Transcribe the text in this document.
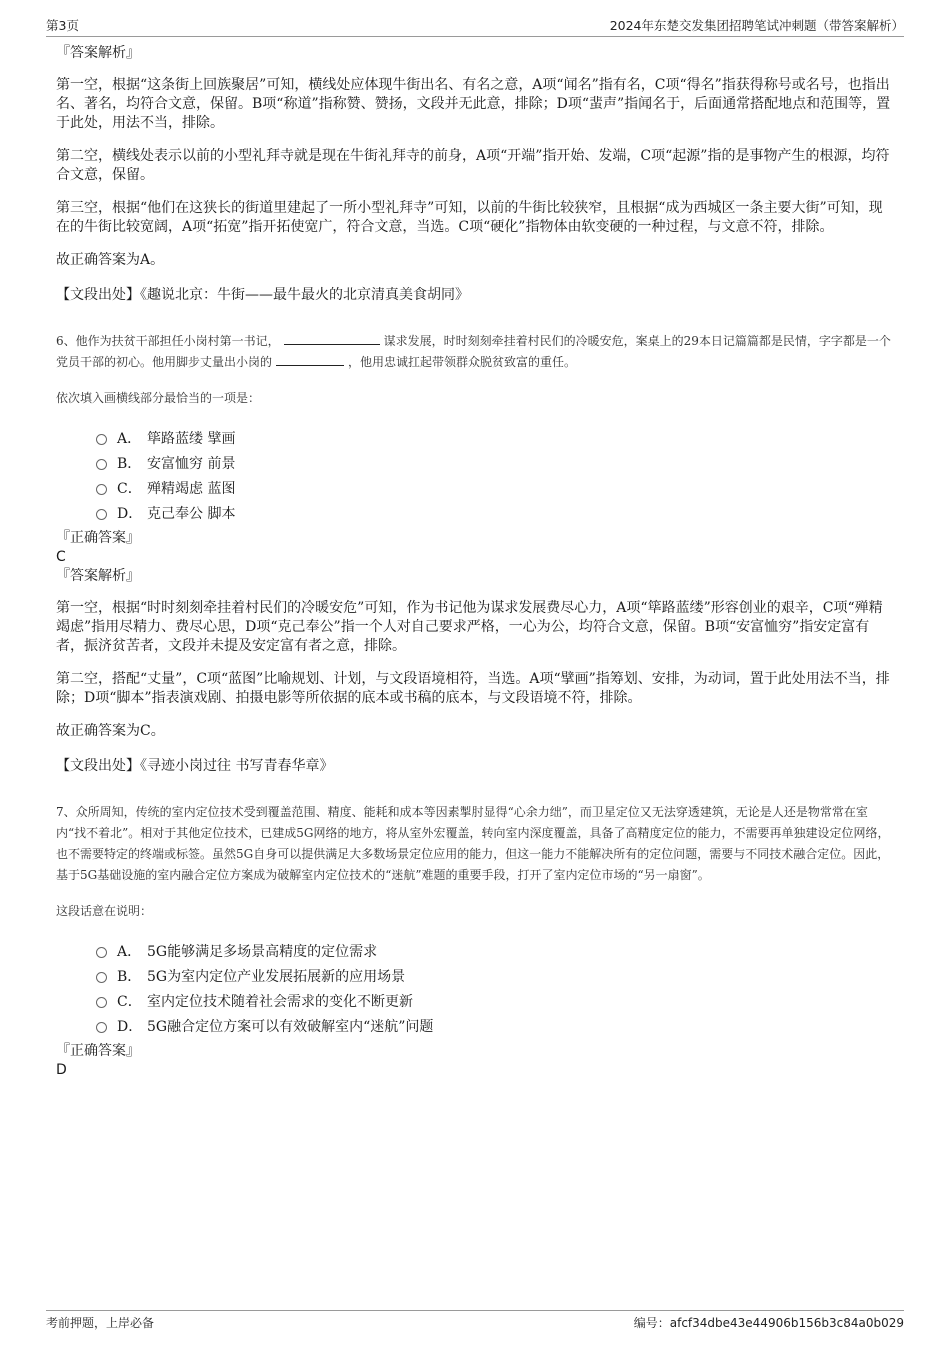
第3页	2024年东楚交发集团招聘笔试冲刺题（带答案解析）
『答案解析』

第一空，根据“这条街上回族聚居”可知，横线处应体现牛街出名、有名之意，A项“闻名”指有名，C项“得名”指获得称号或名号，也指出名、著名，均符合文意，保留。B项“称道”指称赞、赞扬，文段并无此意，排除；D项“蜚声”指闻名于，后面通常搭配地点和范围等，置于此处，用法不当，排除。

第二空，横线处表示以前的小型礼拜寺就是现在牛街礼拜寺的前身，A项“开端”指开始、发端，C项“起源”指的是事物产生的根源，均符合文意，保留。

第三空，根据“他们在这狭长的街道里建起了一所小型礼拜寺”可知，以前的牛街比较狭窄，且根据“成为西城区一条主要大街”可知，现在的牛街比较宽阔，A项“拓宽”指开拓使宽广，符合文意，当选。C项“硬化”指物体由软变硬的一种过程，与文意不符，排除。

故正确答案为A。

【文段出处】《趣说北京：牛街——最牛最火的北京清真美食胡同》
6、他作为扶贫干部担任小岗村第一书记，	谋求发展，时时刻刻牵挂着村民们的冷暖安危，案桌上的29本日记篇篇都是民情，字字都是一个党员干部的初心。他用脚步丈量出小岗的	，他用忠诚扛起带领群众脱贫致富的重任。
依次填入画横线部分最恰当的一项是：
A． 筚路蓝缕 擘画
B． 安富恤穷 前景
C． 殚精竭虑 蓝图
D． 克己奉公 脚本
『正确答案』
C
『答案解析』

第一空，根据“时时刻刻牵挂着村民们的冷暖安危”可知，作为书记他为谋求发展费尽心力，A项“筚路蓝缕”形容创业的艰辛，C项“殚精竭虑”指用尽精力、费尽心思，D项“克己奉公”指一个人对自己要求严格，一心为公，均符合文意，保留。B项“安富恤穷”指安定富有者，振济贫苦者，文段并未提及安定富有者之意，排除。

第二空，搭配“丈量”，C项“蓝图”比喻规划、计划，与文段语境相符，当选。A项“擘画”指筹划、安排，为动词，置于此处用法不当，排除；D项“脚本”指表演戏剧、拍摄电影等所依据的底本或书稿的底本，与文段语境不符，排除。

故正确答案为C。

【文段出处】《寻迹小岗过往 书写青春华章》
7、众所周知，传统的室内定位技术受到覆盖范围、精度、能耗和成本等因素掣肘显得“心余力绌”，而卫星定位又无法穿透建筑，无论是人还是物常常在室内“找不着北”。相对于其他定位技术，已建成5G网络的地方，将从室外宏覆盖，转向室内深度覆盖，具备了高精度定位的能力，不需要再单独建设定位网络，也不需要特定的终端或标签。虽然5G自身可以提供满足大多数场景定位应用的能力，但这一能力不能解决所有的定位问题，需要与不同技术融合定位。因此，基于5G基础设施的室内融合定位方案成为破解室内定位技术的“迷航”难题的重要手段，打开了室内定位市场的“另一扇窗”。
这段话意在说明：
A． 5G能够满足多场景高精度的定位需求
B． 5G为室内定位产业发展拓展新的应用场景
C． 室内定位技术随着社会需求的变化不断更新
D． 5G融合定位方案可以有效破解室内“迷航”问题
『正确答案』
D
考前押题，上岸必备	编号：afcf34dbe43e44906b156b3c84a0b029
